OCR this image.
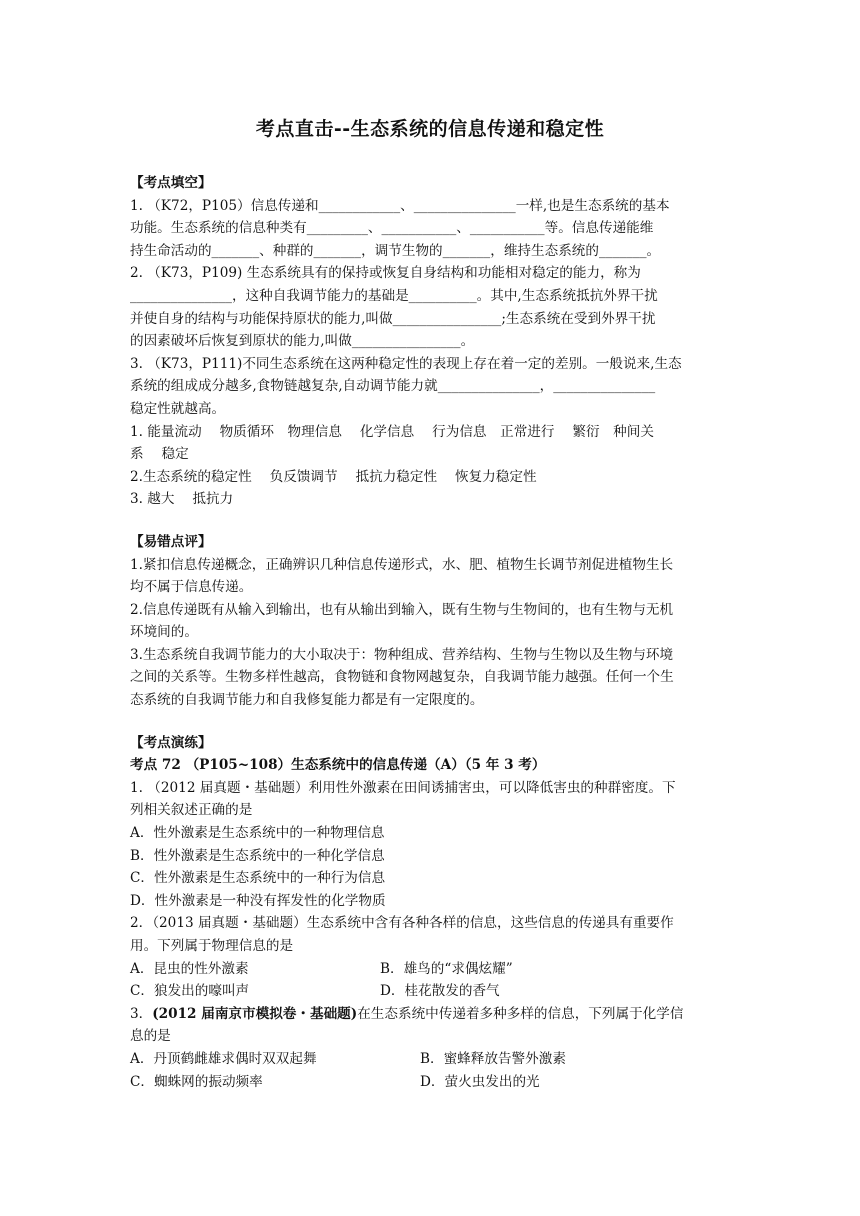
考点直击--生态系统的信息传递和稳定性

【考点填空】

1. （K72，P105）信息传递和____________、_______________一样,也是生态系统的基本

功能。生态系统的信息种类有_________、___________、___________等。信息传递能维

持生命活动的_______、种群的_______，调节生物的_______，维持生态系统的_______。

2. （K73，P109) 生态系统具有的保持或恢复自身结构和功能相对稳定的能力，称为

_______________，这种自我调节能力的基础是__________。其中,生态系统抵抗外界干扰

并使自身的结构与功能保持原状的能力,叫做________________;生态系统在受到外界干扰

的因素破坏后恢复到原状的能力,叫做________________。

3. （K73，P111)不同生态系统在这两种稳定性的表现上存在着一定的差别。一般说来,生态

系统的组成成分越多,食物链越复杂,自动调节能力就_______________，_______________

稳定性就越高。

1. 能量流动　 物质循环　物理信息　 化学信息　 行为信息　正常进行　 繁衍　种间关

系　 稳定

2.生态系统的稳定性　 负反馈调节　 抵抗力稳定性　 恢复力稳定性

3. 越大　 抵抗力

【易错点评】

1.紧扣信息传递概念，正确辨识几种信息传递形式，水、肥、植物生长调节剂促进植物生长

均不属于信息传递。

2.信息传递既有从输入到输出，也有从输出到输入，既有生物与生物间的，也有生物与无机

环境间的。

3.生态系统自我调节能力的大小取决于：物种组成、营养结构、生物与生物以及生物与环境

之间的关系等。生物多样性越高，食物链和食物网越复杂，自我调节能力越强。任何一个生

态系统的自我调节能力和自我修复能力都是有一定限度的。

【考点演练】

考点 72 （P105~108）生态系统中的信息传递（A）（5 年 3 考）

1. （2012 届真题・基础题）利用性外激素在田间诱捕害虫，可以降低害虫的种群密度。下

列相关叙述正确的是

A．性外激素是生态系统中的一种物理信息

B．性外激素是生态系统中的一种化学信息

C．性外激素是生态系统中的一种行为信息

D．性外激素是一种没有挥发性的化学物质

2．（2013 届真题・基础题）生态系统中含有各种各样的信息，这些信息的传递具有重要作

用。下列属于物理信息的是

A．昆虫的性外激素	B．雄鸟的“求偶炫耀”
C．狼发出的嚎叫声	D．桂花散发的香气

3．(2012 届南京市模拟卷・基础题)在生态系统中传递着多种多样的信息，下列属于化学信

息的是

A．丹顶鹤雌雄求偶时双双起舞	B．蜜蜂释放告警外激素
C．蜘蛛网的振动频率	D．萤火虫发出的光
